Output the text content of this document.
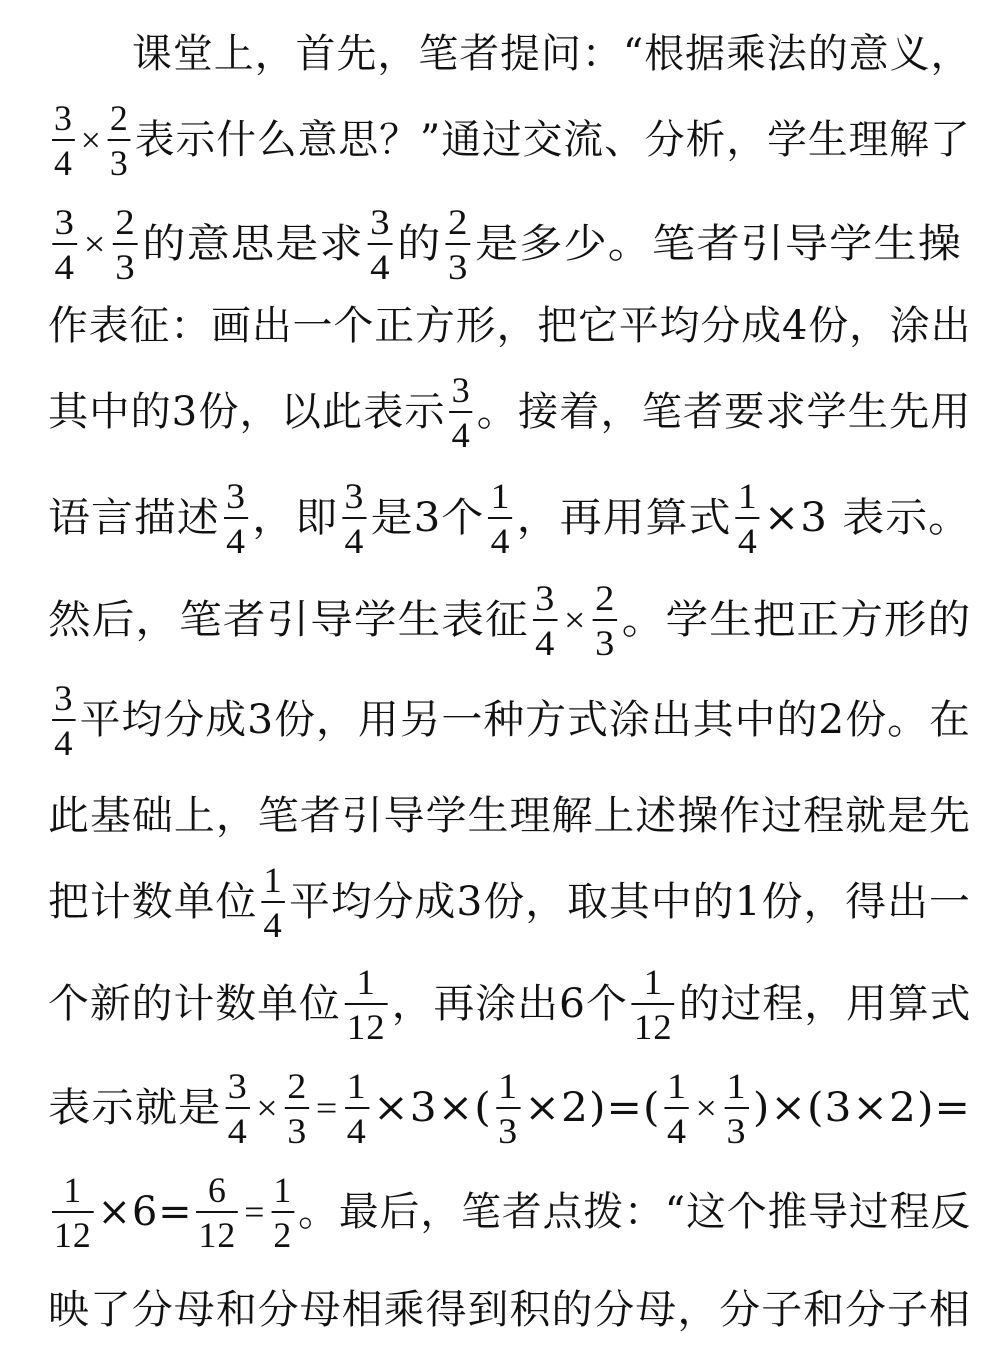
课堂上，首先，笔者提问：“根据乘法的意义，
$\frac{3}{4} \times \frac{2}{3}$ 表示什么意思？”通过交流、分析，学生理解了
$\frac{3}{4} \times \frac{2}{3}$ 的意思是求 $\frac{3}{4}$ 的 $\frac{2}{3}$ 是多少。笔者引导学生操
作表征：画出一个正方形，把它平均分成4份，涂出
其中的3份，以此表示 $\frac{3}{4}$ 。接着，笔者要求学生先用
语言描述 $\frac{3}{4}$ ，即 $\frac{3}{4}$ 是3个 $\frac{1}{4}$ ，再用算式 $\frac{1}{4} \times 3$ 表示。
然后，笔者引导学生表征 $\frac{3}{4} \times \frac{2}{3}$ 。学生把正方形的
$\frac{3}{4}$ 平均分成3份，用另一种方式涂出其中的2份。在
此基础上，笔者引导学生理解上述操作过程就是先
把计数单位 $\frac{1}{4}$ 平均分成3份，取其中的1份，得出一
个新的计数单位 $\frac{1}{12}$ ，再涂出6个 $\frac{1}{12}$ 的过程，用算式
表示就是 $\frac{3}{4} \times \frac{2}{3} = \frac{1}{4} \times 3\times( \frac{1}{3} \times 2)=( \frac{1}{4} \times \frac{1}{3} )\times(3\times 2)=$
$\frac{1}{12} \times 6= \frac{6}{12} = \frac{1}{2}$ 。最后，笔者点拨：“这个推导过程反
映了分母和分母相乘得到积的分母，分子和分子相
